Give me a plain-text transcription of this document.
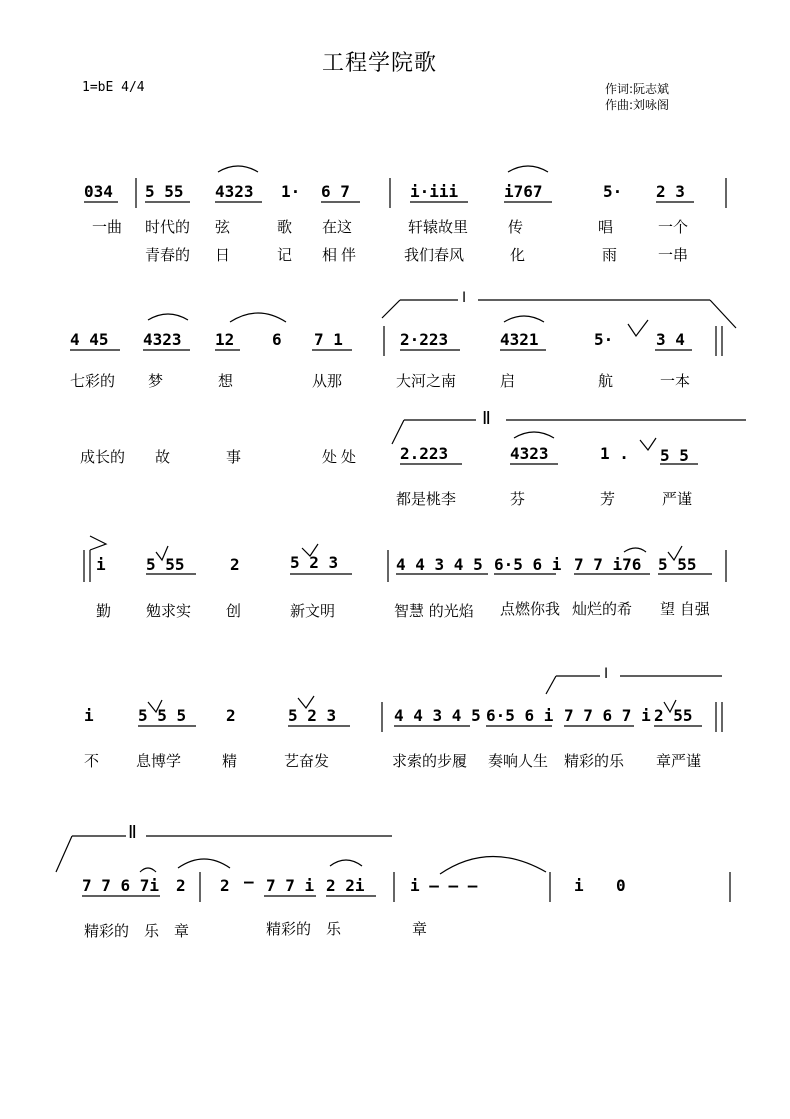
工程学院歌
1=bE 4/4	作词:阮志斌
作曲:刘咏阁
Ⅰ
Ⅱ
Ⅰ
Ⅱ
034 5 55 4323 1· 6 7	i·iii	i767	5· 2 3
一曲 时代的 弦	歌 在这	轩辕故里	传	唱	一个
青春的 日	记 相伴	我们春风	化	雨	一串
4 45 4323 12 6 7 1	2·223	4321	5·	3 4
七彩的 梦	想	从那	大河之南	启	航	一本
成长的 故	事	处处 2.223	4323	1 . 5 5
都是桃李	芬	芳	严谨
i	5 55	2	5 2 3	4 4 3 4 5 6·5 6 i 7 7 i76 5 55
勤 勉求实 创	新文明	智慧 的光焰 点燃你我 灿烂的希 望 自强
i	5 5 5 2	5 2 3	4 4 3 4 5 6·5 6 i 7 7 6 7 i 2 55
不 息博学	精	艺奋发	求索的步履 奏响人生 精彩的乐 章严谨
7 7 6 7i 2 2 – 7 7 i 2 2i	i – – –	i 0
精彩的 乐 章	精彩的 乐	章
